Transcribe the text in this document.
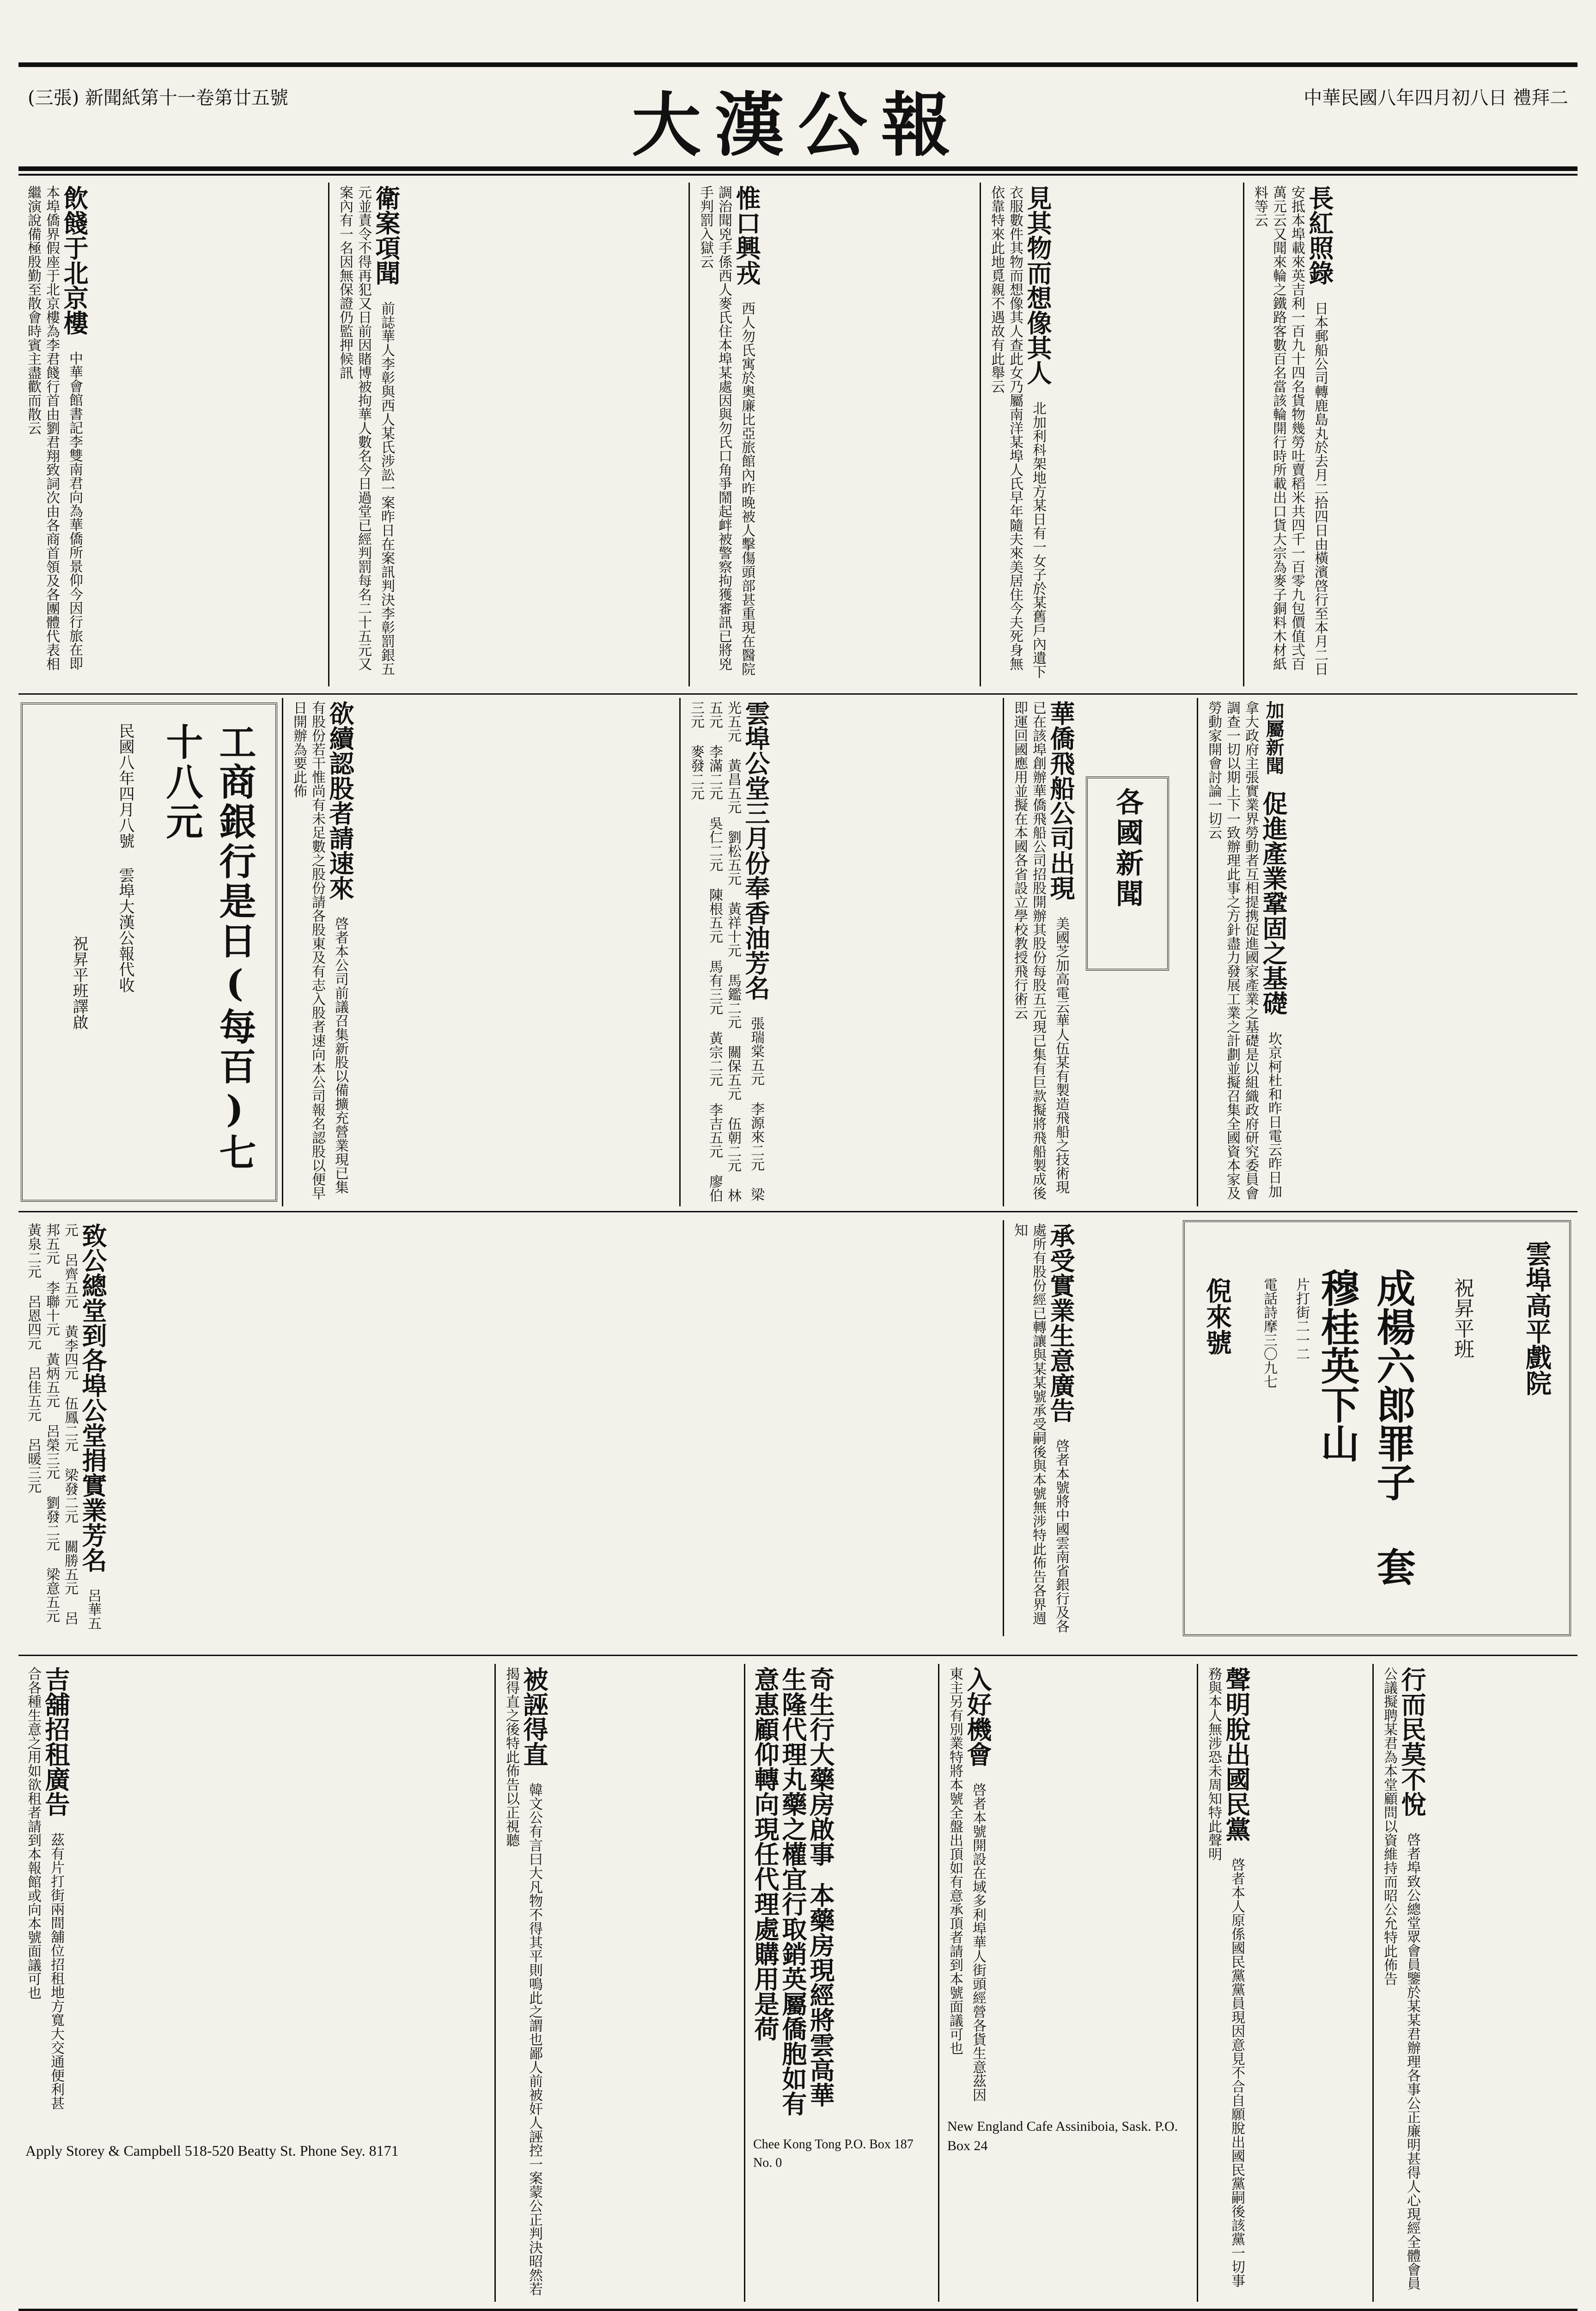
(三張) 新聞紙第十一卷第廿五號	大漢公報	中華民國八年四月初八日 禮拜二
長紅照錄 日本郵船公司轉鹿島丸於去月二拾四日由橫濱啓行至本月二日安抵本埠載來英吉利一百九十四名貨物幾勞吐賣稻米共四千一百零九包價值弍百萬元云又聞來輪之鐵路客數百名當該輪開行時所載出口貨大宗為麥子銅料木材紙料等云
見其物而想像其人 北加利科架地方某日有一女子於某舊戶內遺下衣服數件其物而想像其人查此女乃屬南洋某埠人氏早年隨夫來美居住今夫死身無依靠特來此地覓親不遇故有此舉云
惟口興戎 西人勿氏寓於奧廉比亞旅館內昨晚被人擊傷頭部甚重現在醫院調治聞兇手係西人麥氏住本埠某處因與勿氏口角爭鬧起衅被警察拘獲審訊已將兇手判罰入獄云
衛案項聞 前誌華人李彰與西人某氏涉訟一案昨日在案訊判決李彰罰銀五元並責令不得再犯又日前因賭博被拘華人數名今日過堂已經判罰每名二十五元又案內有一名因無保證仍監押候訊
飲餞于北京樓 中華會館書記李雙南君向為華僑所景仰今因行旅在即本埠僑界假座于北京樓為李君餞行首由劉君翔致詞次由各商首領及各團體代表相繼演說備極殷勤至散會時賓主盡歡而散云
加屬新聞 促進產業鞏固之基礎 坎京柯杜和昨日電云昨日加拿大政府主張實業界勞動者互相提携促進國家產業之基礎是以組織政府研究委員會調查一切以期上下一致辦理此事之方針盡力發展工業之計劃並擬召集全國資本家及勞動家開會討論一切云
華僑飛船公司出現 美國芝加高電云華人伍某有製造飛船之技術現已在該埠創辦華僑飛船公司招股開辦其股份每股五元現已集有巨款擬將飛船製成後即運回國應用並擬在本國各省設立學校教授飛行術云	各國新聞
雲埠公堂三月份奉香油芳名 張瑞棠五元 李源來二元 梁光五元 黃昌五元 劉松五元 黃祥十元 馬鑑二元 關保五元 伍朝二元 林五元 李滿二元 吳仁二元 陳根五元 馬有三元 黃宗二元 李吉五元 廖伯三元 麥發二元
欲續認股者請速來 啓者本公司前議召集新股以備擴充營業現已集有股份若干惟尚有未足數之股份請各股東及有志入股者速向本公司報名認股以便早日開辦為要此佈
工商銀行是日(每百)七十八元
民國八年四月八號 雲埠大漢公報代收
祝昇平班譯啟
雲埠高平戲院
祝昇平班
成楊六郎罪子 套穆桂英下山
倪來號 電話詩摩三〇九七 片打街二一二
承受實業生意廣告 啓者本號將中國雲南省銀行及各處所有股份經已轉讓與某某號承受嗣後與本號無涉特此佈告各界週知
致公總堂到各埠公堂捐實業芳名 呂華五元 呂齊五元 黃李四元 伍鳳二元 梁發二元 關勝五元 呂邦五元 李聯十元 黃炳五元 呂榮三元 劉發二元 梁意五元 黃泉二元 呂恩四元 呂佳五元 呂暖三元
行而民莫不悅 啓者埠致公總堂眾會員鑒於某某君辦理各事公正廉明甚得人心現經全體會員公議擬聘某君為本堂顧問以資維持而昭公允特此佈告
聲明脫出國民黨 啓者本人原係國民黨黨員現因意見不合自願脫出國民黨嗣後該黨一切事務與本人無涉恐未周知特此聲明
入好機會 啓者本號開設在域多利埠華人街頭經營各貨生意茲因東主另有別業特將本號全盤出頂如有意承頂者請到本號面議可也
New England Cafe Assiniboia, Sask. P.O. Box 24
奇生行大藥房啟事 本藥房現經將雲高華生隆代理丸藥之權宜行取銷英屬僑胞如有意惠顧仰轉向現任代理處購用是荷
Chee Kong Tong P.O. Box 187 No. 0
被誣得直 韓文公有言曰大凡物不得其平則鳴此之謂也鄙人前被奸人誣控一案蒙公正判決昭然若揭得直之後特此佈告以正視聽
吉舖招租廣告 茲有片打街兩間舖位招租地方寬大交通便利甚合各種生意之用如欲租者請到本報館或向本號面議可也
Apply Storey & Campbell 518-520 Beatty St. Phone Sey. 8171
